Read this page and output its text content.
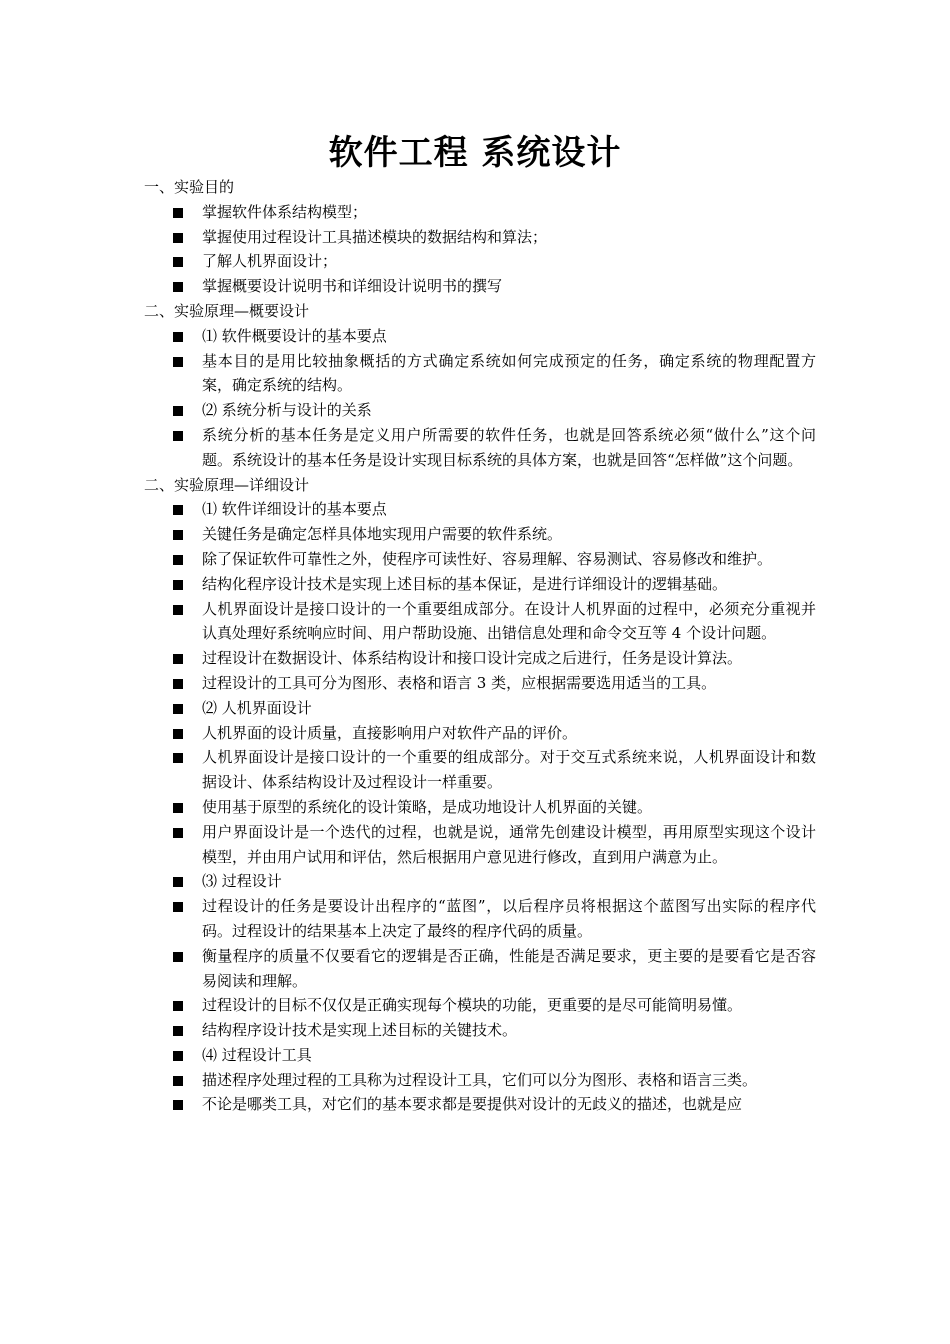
软件工程 系统设计
一、实验目的
掌握软件体系结构模型；
掌握使用过程设计工具描述模块的数据结构和算法；
了解人机界面设计；
掌握概要设计说明书和详细设计说明书的撰写
二、实验原理—概要设计
⑴ 软件概要设计的基本要点
基本目的是用比较抽象概括的方式确定系统如何完成预定的任务，确定系统的物理配置方案，确定系统的结构。
⑵ 系统分析与设计的关系
系统分析的基本任务是定义用户所需要的软件任务，也就是回答系统必须“做什么”这个问题。系统设计的基本任务是设计实现目标系统的具体方案，也就是回答“怎样做”这个问题。
二、实验原理—详细设计
⑴ 软件详细设计的基本要点
关键任务是确定怎样具体地实现用户需要的软件系统。
除了保证软件可靠性之外，使程序可读性好、容易理解、容易测试、容易修改和维护。
结构化程序设计技术是实现上述目标的基本保证，是进行详细设计的逻辑基础。
人机界面设计是接口设计的一个重要组成部分。在设计人机界面的过程中，必须充分重视并认真处理好系统响应时间、用户帮助设施、出错信息处理和命令交互等 4 个设计问题。
过程设计在数据设计、体系结构设计和接口设计完成之后进行，任务是设计算法。
过程设计的工具可分为图形、表格和语言 3 类，应根据需要选用适当的工具。
⑵ 人机界面设计
人机界面的设计质量，直接影响用户对软件产品的评价。
人机界面设计是接口设计的一个重要的组成部分。对于交互式系统来说，人机界面设计和数据设计、体系结构设计及过程设计一样重要。
使用基于原型的系统化的设计策略，是成功地设计人机界面的关键。
用户界面设计是一个迭代的过程，也就是说，通常先创建设计模型，再用原型实现这个设计模型，并由用户试用和评估，然后根据用户意见进行修改，直到用户满意为止。
⑶ 过程设计
过程设计的任务是要设计出程序的“蓝图”，以后程序员将根据这个蓝图写出实际的程序代码。过程设计的结果基本上决定了最终的程序代码的质量。
衡量程序的质量不仅要看它的逻辑是否正确，性能是否满足要求，更主要的是要看它是否容易阅读和理解。
过程设计的目标不仅仅是正确实现每个模块的功能，更重要的是尽可能简明易懂。
结构程序设计技术是实现上述目标的关键技术。
⑷ 过程设计工具
描述程序处理过程的工具称为过程设计工具，它们可以分为图形、表格和语言三类。
不论是哪类工具，对它们的基本要求都是要提供对设计的无歧义的描述，也就是应
